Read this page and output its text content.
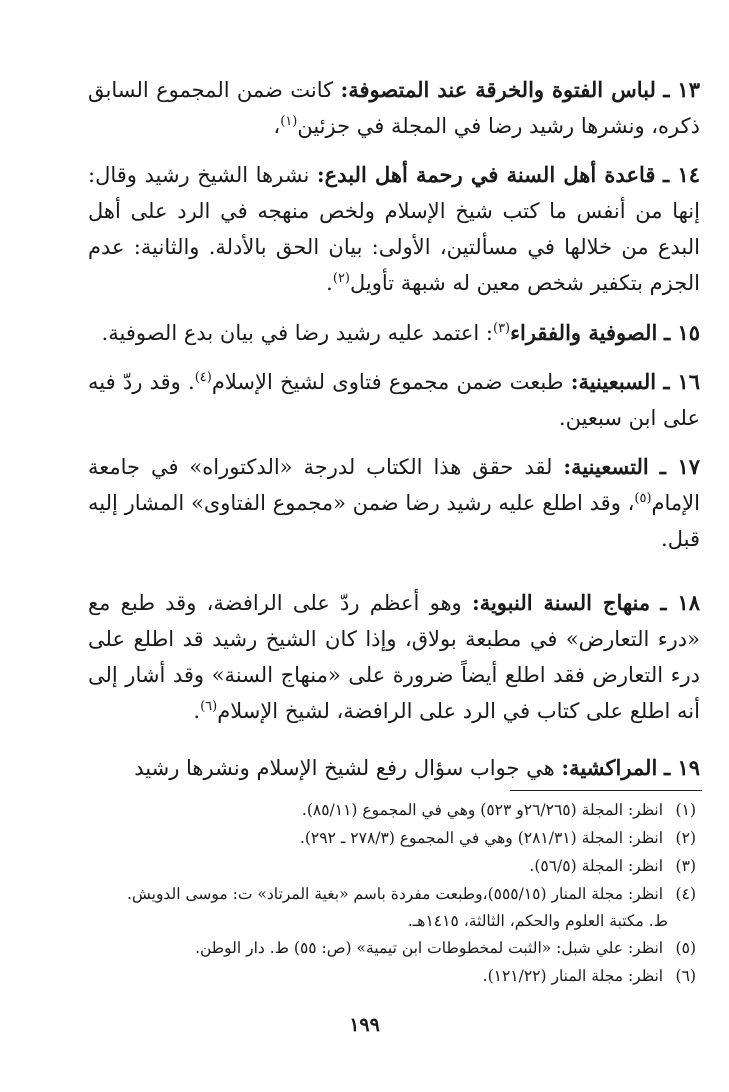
١٣ ـ لباس الفتوة والخرقة عند المتصوفة: كانت ضمن المجموع السابق ذكره، ونشرها رشيد رضا في المجلة في جزئين$^{(١)}$،

١٤ ـ قاعدة أهل السنة في رحمة أهل البدع: نشرها الشيخ رشيد وقال: إنها من أنفس ما كتب شيخ الإسلام ولخص منهجه في الرد على أهل البدع من خلالها في مسألتين، الأولى: بيان الحق بالأدلة. والثانية: عدم الجزم بتكفير شخص معين له شبهة تأويل$^{(٢)}$.

١٥ ـ الصوفية والفقراء$^{(٣)}$: اعتمد عليه رشيد رضا في بيان بدع الصوفية.

١٦ ـ السبعينية: طبعت ضمن مجموع فتاوى لشيخ الإسلام$^{(٤)}$. وقد ردّ فيه على ابن سبعين.

١٧ ـ التسعينية: لقد حقق هذا الكتاب لدرجة «الدكتوراه» في جامعة الإمام$^{(٥)}$، وقد اطلع عليه رشيد رضا ضمن «مجموع الفتاوى» المشار إليه قبل.

١٨ ـ منهاج السنة النبوية: وهو أعظم ردّ على الرافضة، وقد طبع مع «درء التعارض» في مطبعة بولاق، وإذا كان الشيخ رشيد قد اطلع على درء التعارض فقد اطلع أيضاً ضرورة على «منهاج السنة» وقد أشار إلى أنه اطلع على كتاب في الرد على الرافضة، لشيخ الإسلام$^{(٦)}$.

١٩ ـ المراكشية: هي جواب سؤال رفع لشيخ الإسلام ونشرها رشيد

(١) انظر: المجلة (٢٦/٢٦٥و ٥٢٣) وهي في المجموع (٨٥/١١).

(٢) انظر: المجلة (٢٨١/٣١) وهي في المجموع (٢٧٨/٣ ـ ٢٩٢).

(٣) انظر: المجلة (٥٦/٥).

(٤) انظر: مجلة المنار (٥٥٥/١٥)،وطبعت مفردة باسم «بغية المرتاد» ت: موسى الدويش.
ط. مكتبة العلوم والحكم، الثالثة، ١٤١٥هـ.

(٥) انظر: علي شبل: «الثبت لمخطوطات ابن تيمية» (ص: ٥٥) ط. دار الوطن.

(٦) انظر: مجلة المنار (١٢١/٢٢).

١٩٩
